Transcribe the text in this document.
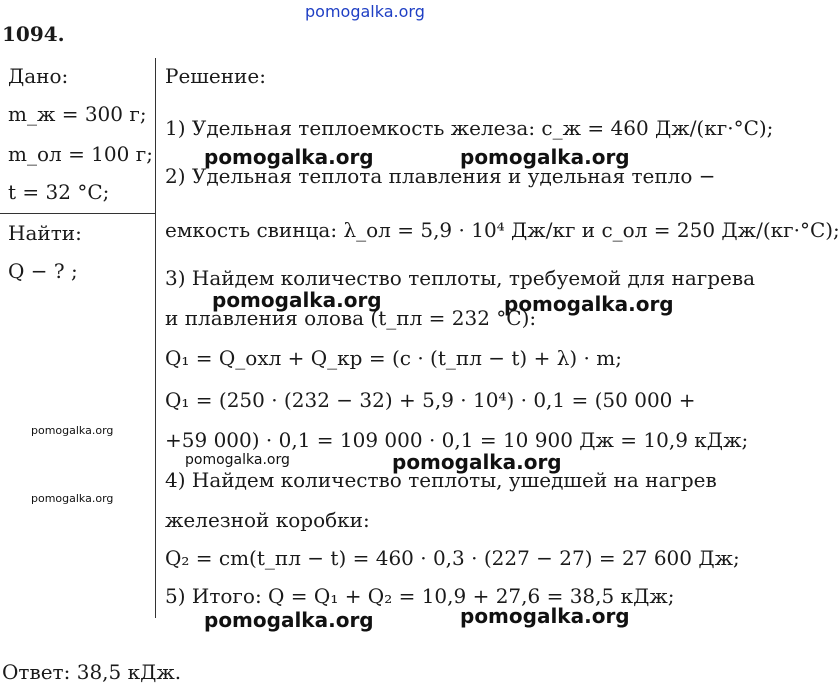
pomogalka.org
1094.
Дано:
m_ж = 300 г;
m_ол = 100 г;
t = 32 °C;
Найти:
Q − ? ;
Решение:
1) Удельная теплоемкость железа: c_ж = 460 Дж/(кг·°C);
2) Удельная теплота плавления и удельная тепло −
емкость свинца: λ_ол = 5,9 · 10⁴ Дж/кг и c_ол = 250 Дж/(кг·°C);
3) Найдем количество теплоты, требуемой для нагрева
и плавления олова (t_пл = 232 °C):
Q₁ = Q_охл + Q_кр = (c · (t_пл − t) + λ) · m;
Q₁ = (250 · (232 − 32) + 5,9 · 10⁴) · 0,1 = (50 000 +
+59 000) · 0,1 = 109 000 · 0,1 = 10 900 Дж = 10,9 кДж;
4) Найдем количество теплоты, ушедшей на нагрев
железной коробки:
Q₂ = cm(t_пл − t) = 460 · 0,3 · (227 − 27) = 27 600 Дж;
5) Итого: Q = Q₁ + Q₂ = 10,9 + 27,6 = 38,5 кДж;
Ответ: 38,5 кДж.
pomogalka.org	pomogalka.org
pomogalka.org	pomogalka.org
pomogalka.org
pomogalka.org	pomogalka.org
pomogalka.org
pomogalka.org
pomogalka.org
